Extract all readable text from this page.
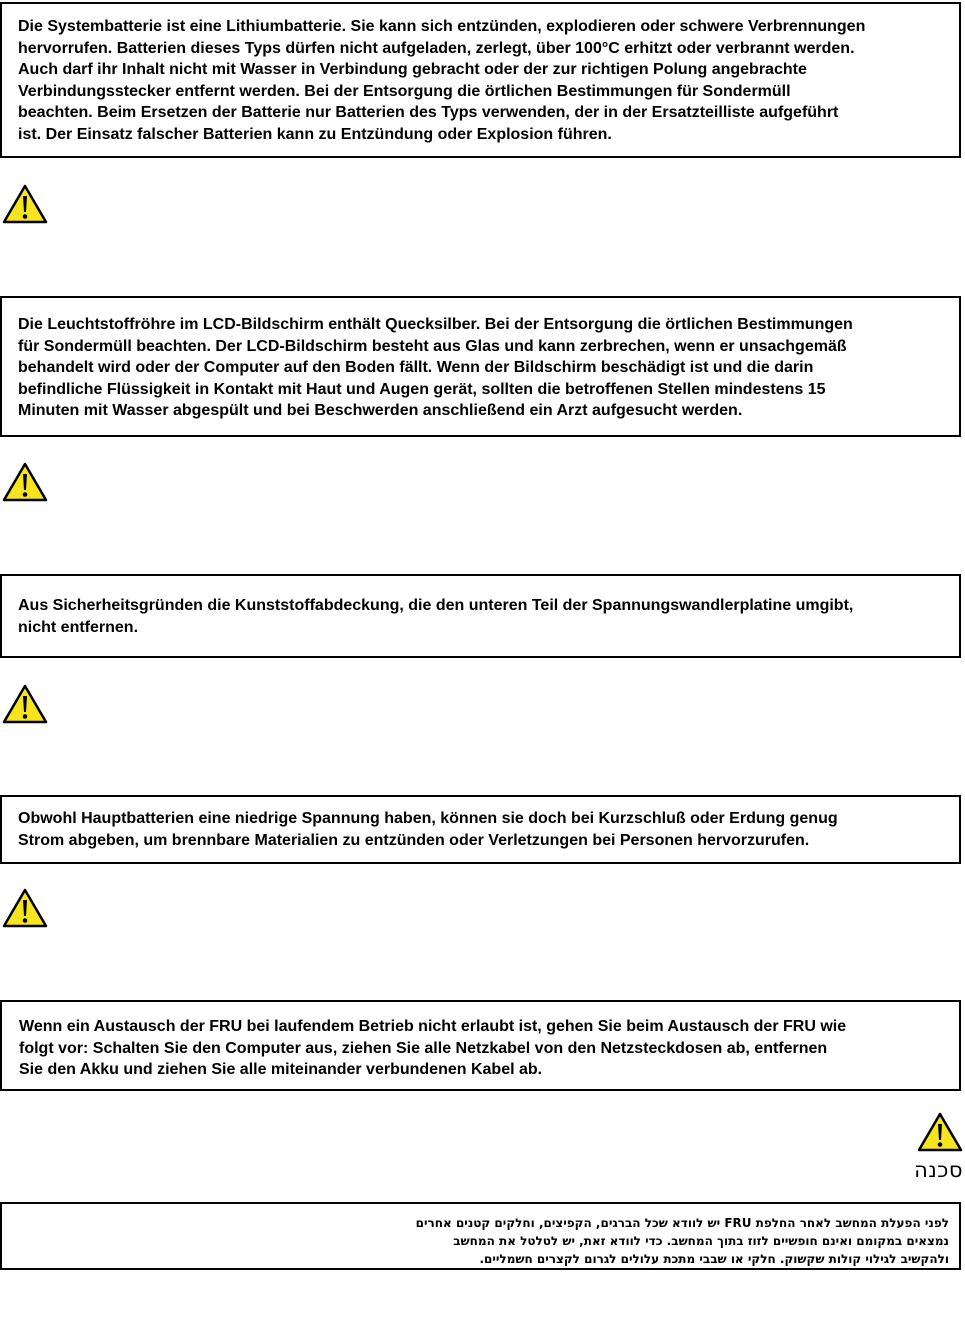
Die Systembatterie ist eine Lithiumbatterie. Sie kann sich entzünden, explodieren oder schwere Verbrennungen
hervorrufen. Batterien dieses Typs dürfen nicht aufgeladen, zerlegt, über 100°C erhitzt oder verbrannt werden.
Auch darf ihr Inhalt nicht mit Wasser in Verbindung gebracht oder der zur richtigen Polung angebrachte
Verbindungsstecker entfernt werden. Bei der Entsorgung die örtlichen Bestimmungen für Sondermüll
beachten. Beim Ersetzen der Batterie nur Batterien des Typs verwenden, der in der Ersatzteilliste aufgeführt
ist. Der Einsatz falscher Batterien kann zu Entzündung oder Explosion führen.

Die Leuchtstoffröhre im LCD-Bildschirm enthält Quecksilber. Bei der Entsorgung die örtlichen Bestimmungen
für Sondermüll beachten. Der LCD-Bildschirm besteht aus Glas und kann zerbrechen, wenn er unsachgemäß
behandelt wird oder der Computer auf den Boden fällt. Wenn der Bildschirm beschädigt ist und die darin
befindliche Flüssigkeit in Kontakt mit Haut und Augen gerät, sollten die betroffenen Stellen mindestens 15
Minuten mit Wasser abgespült und bei Beschwerden anschließend ein Arzt aufgesucht werden.

Aus Sicherheitsgründen die Kunststoffabdeckung, die den unteren Teil der Spannungswandlerplatine umgibt,
nicht entfernen.

Obwohl Hauptbatterien eine niedrige Spannung haben, können sie doch bei Kurzschluß oder Erdung genug
Strom abgeben, um brennbare Materialien zu entzünden oder Verletzungen bei Personen hervorzurufen.

Wenn ein Austausch der FRU bei laufendem Betrieb nicht erlaubt ist, gehen Sie beim Austausch der FRU wie
folgt vor: Schalten Sie den Computer aus, ziehen Sie alle Netzkabel von den Netzsteckdosen ab, entfernen
Sie den Akku und ziehen Sie alle miteinander verbundenen Kabel ab.

סכנה

לפני הפעלת המחשב לאחר החלפת FRU יש לוודא שכל הברגים, הקפיצים, וחלקים קטנים אחרים
נמצאים במקומם ואינם חופשיים לזוז בתוך המחשב. כדי לוודא זאת, יש לטלטל את המחשב
ולהקשיב לגילוי קולות שקשוק. חלקי או שבבי מתכת עלולים לגרום לקצרים חשמליים.
